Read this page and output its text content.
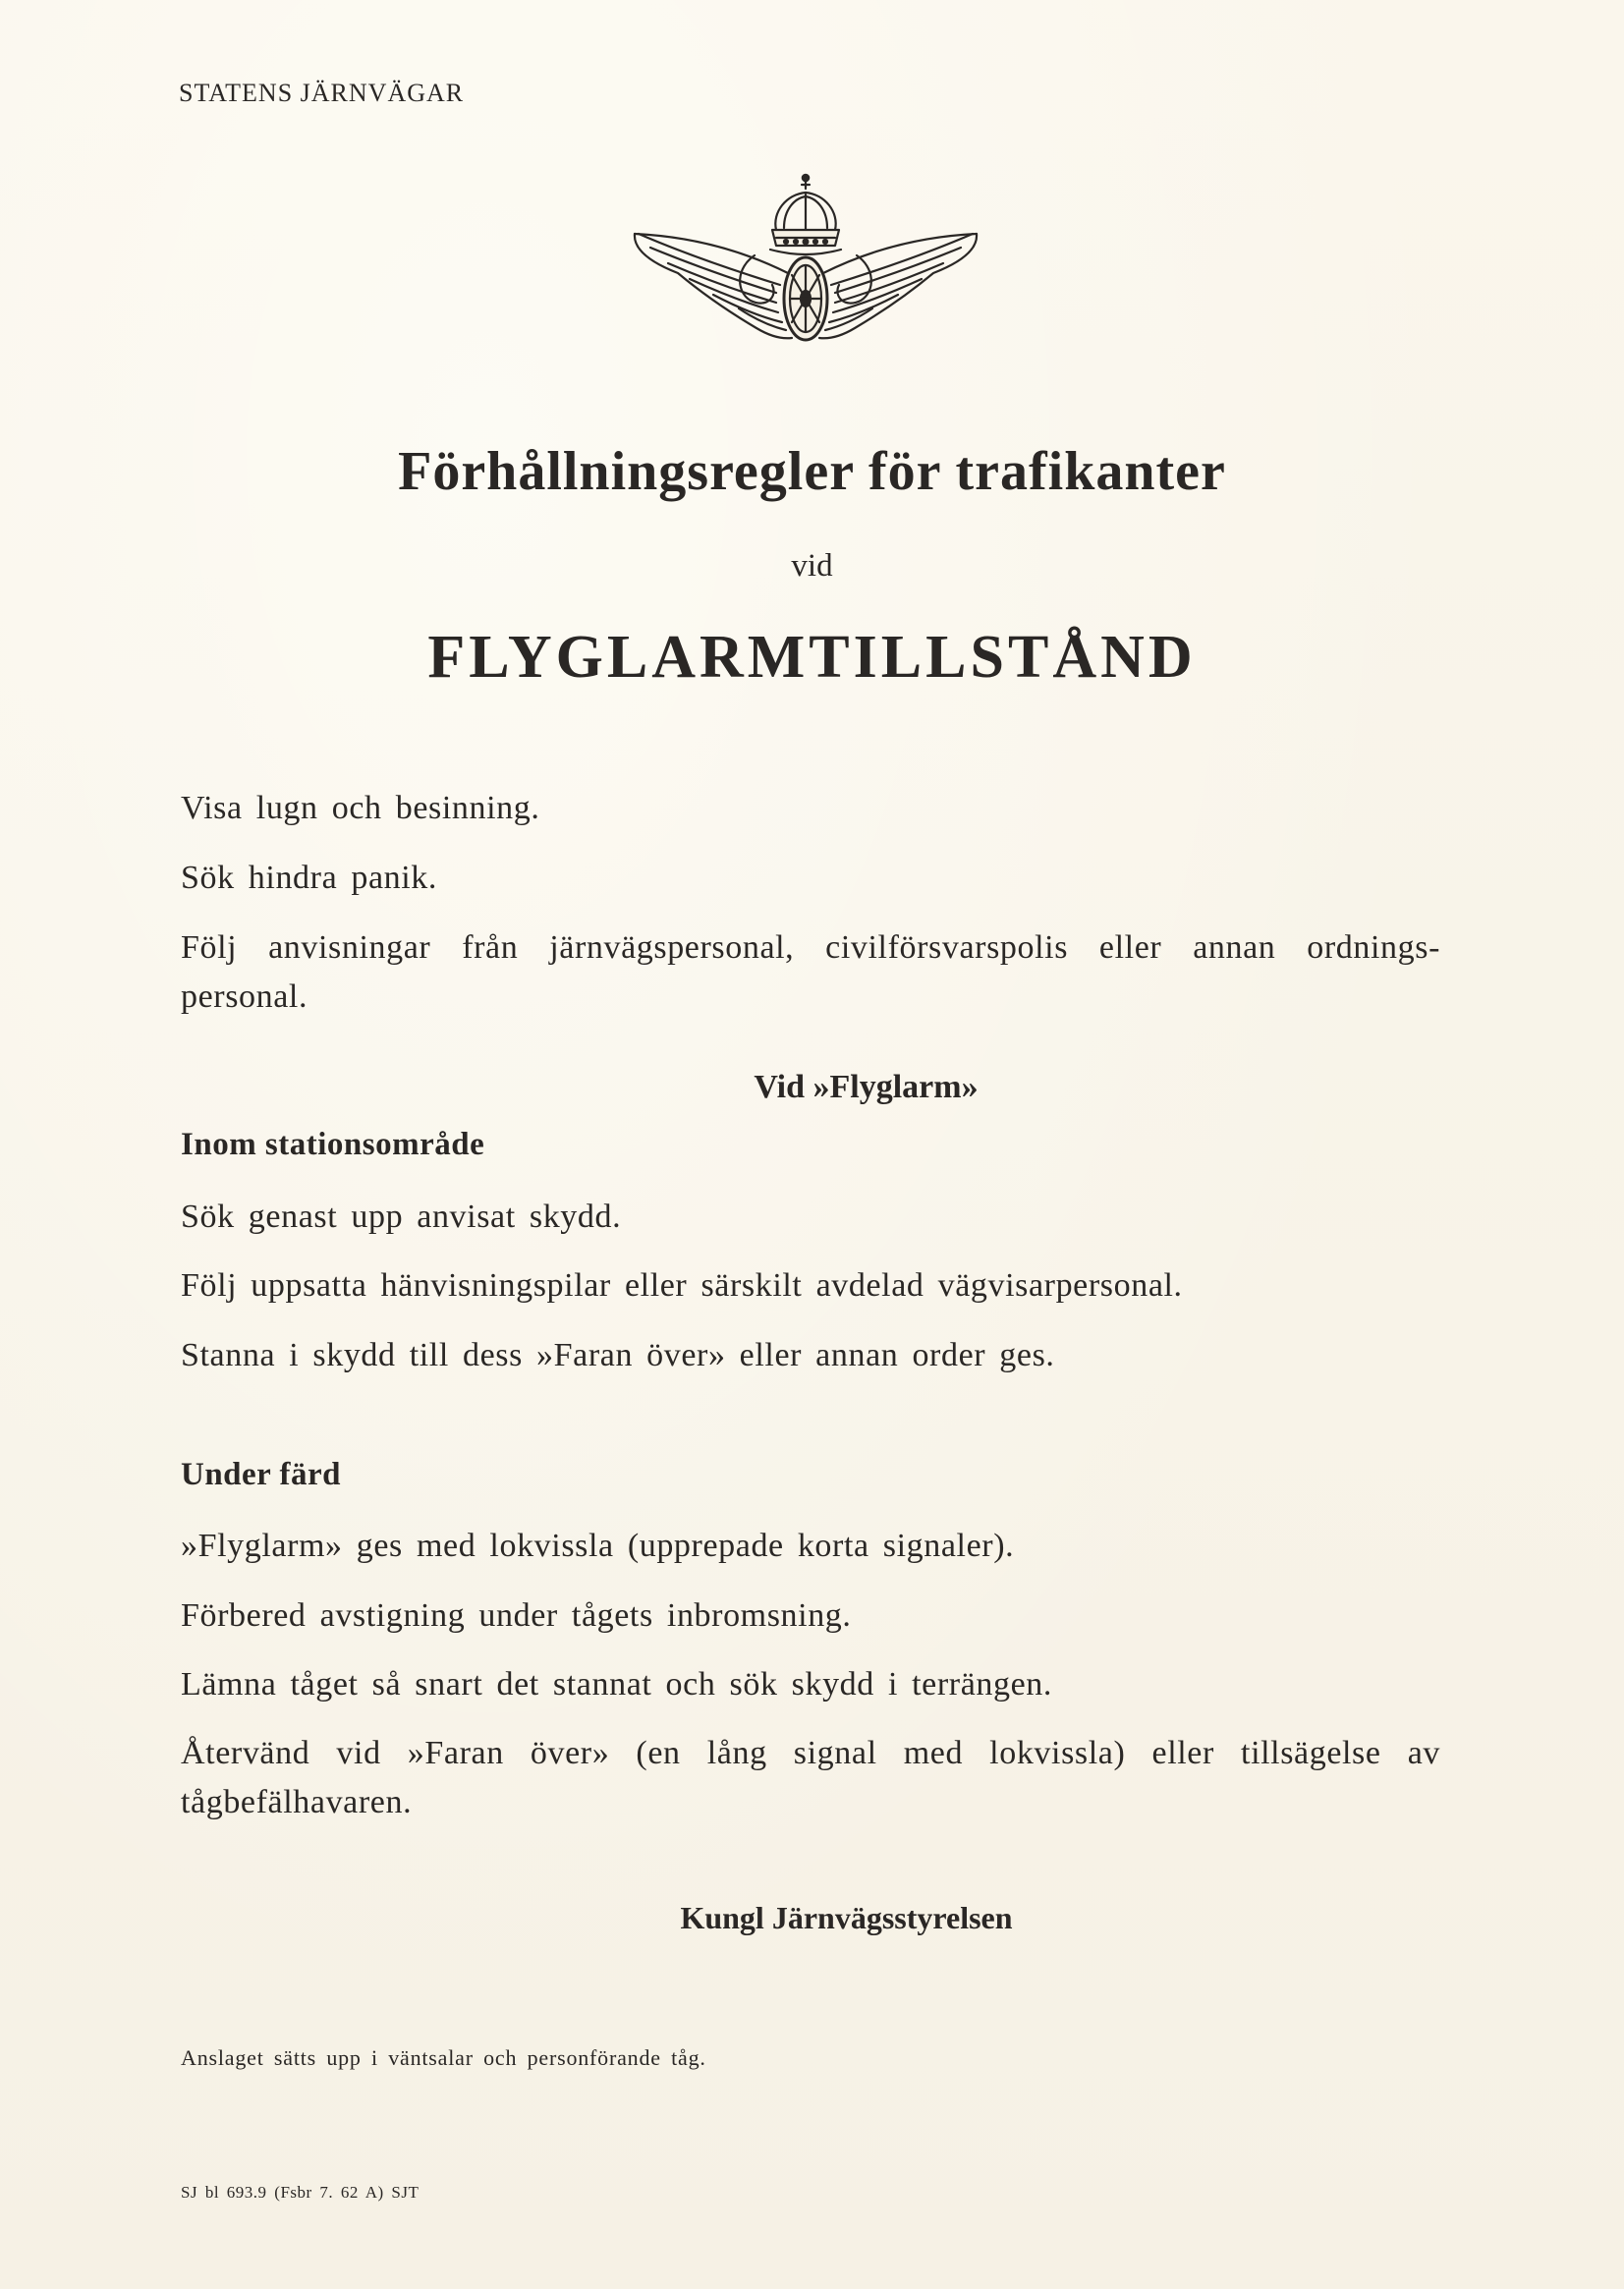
STATENS JÄRNVÄGAR
Förhållningsregler för trafikanter
vid
FLYGLARMTILLSTÅND
Visa lugn och besinning.
Sök hindra panik.
Följ anvisningar från järnvägspersonal, civilförsvarspolis eller annan ordnings-personal.
Vid »Flyglarm»
Inom stationsområde
Sök genast upp anvisat skydd.
Följ uppsatta hänvisningspilar eller särskilt avdelad vägvisarpersonal.
Stanna i skydd till dess »Faran över» eller annan order ges.
Under färd
»Flyglarm» ges med lokvissla (upprepade korta signaler).
Förbered avstigning under tågets inbromsning.
Lämna tåget så snart det stannat och sök skydd i terrängen.
Återvänd vid »Faran över» (en lång signal med lokvissla) eller tillsägelse av tågbefälhavaren.
Kungl Järnvägsstyrelsen
Anslaget sätts upp i väntsalar och personförande tåg.
SJ bl 693.9 (Fsbr 7. 62 A) SJT
